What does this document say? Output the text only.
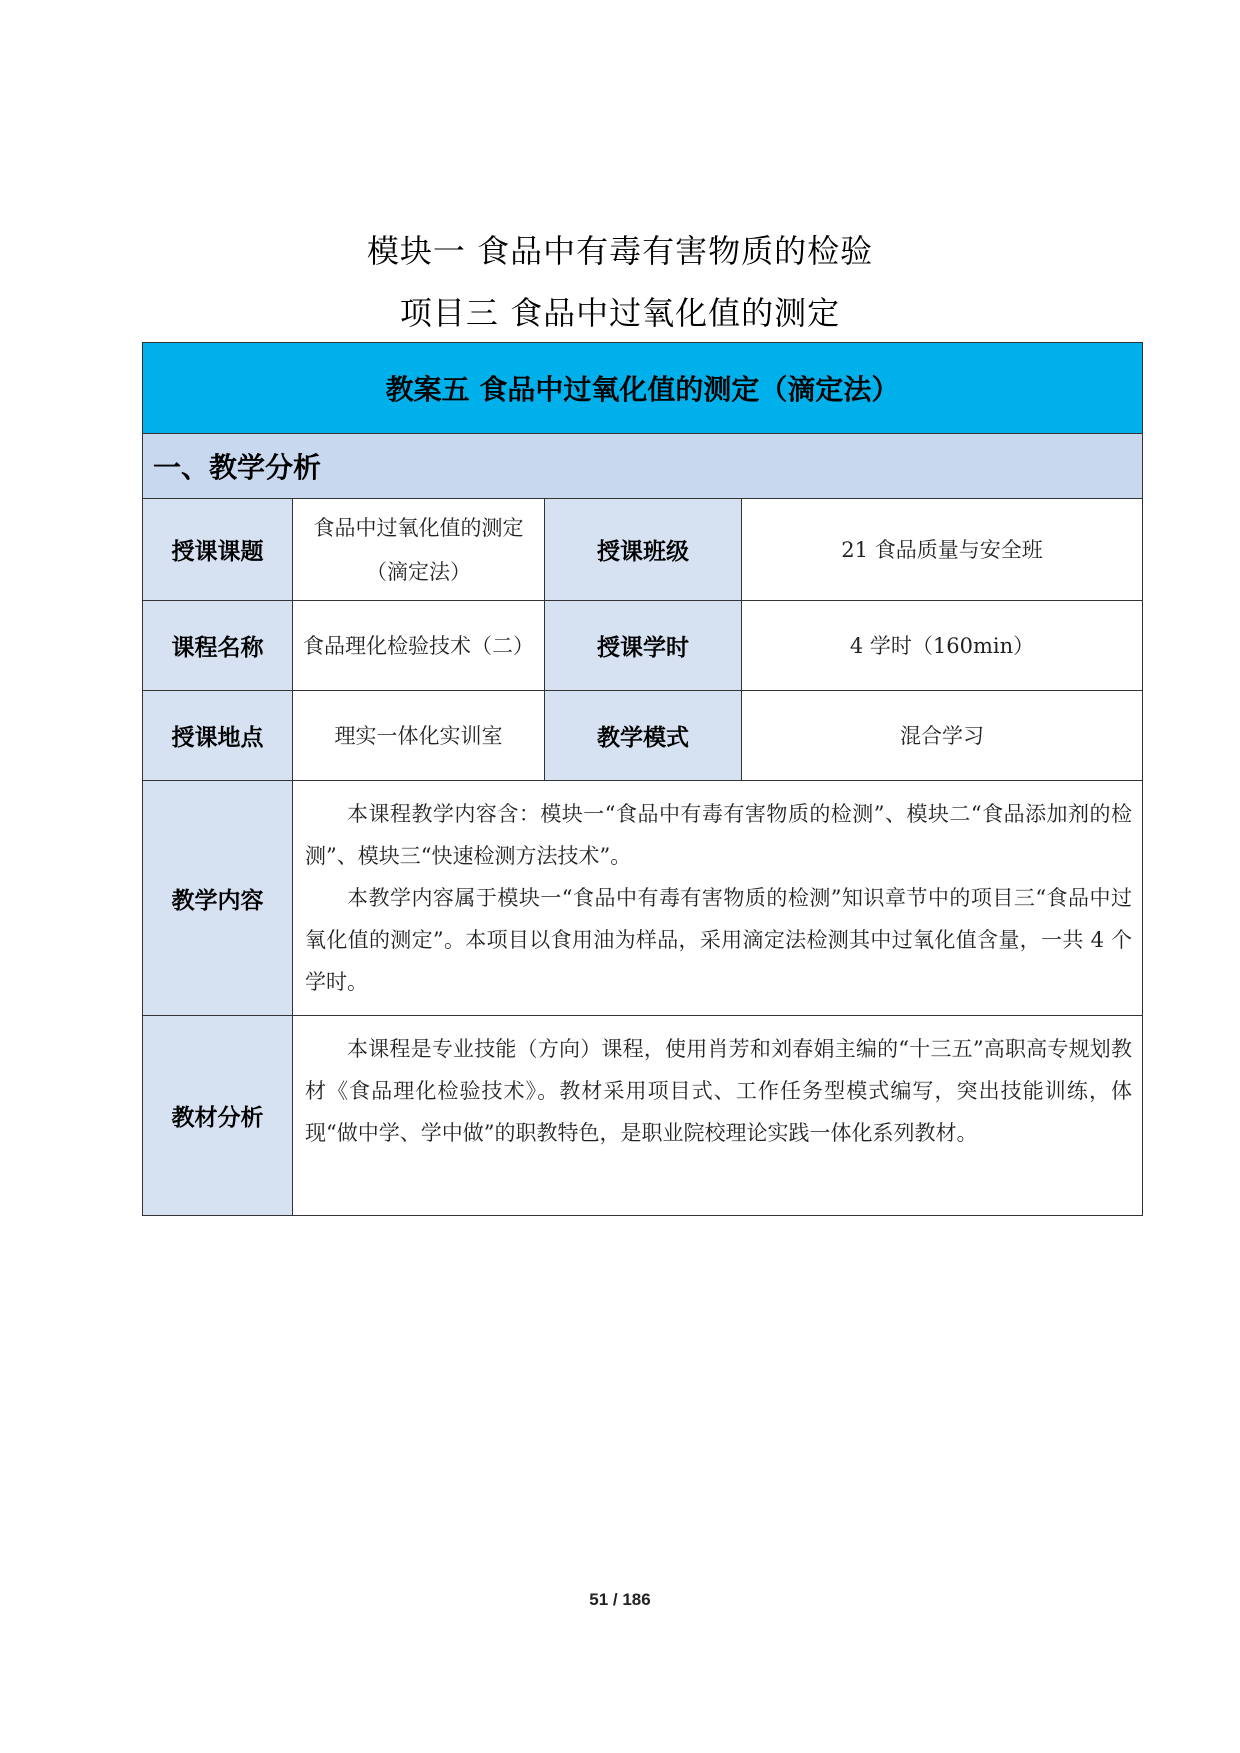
模块一 食品中有毒有害物质的检验
项目三 食品中过氧化值的测定
教案五 食品中过氧化值的测定（滴定法）			
一、教学分析			
授课课题	食品中过氧化值的测定（滴定法）	授课班级	21 食品质量与安全班
课程名称	食品理化检验技术（二）	授课学时	4 学时（160min）
授课地点	理实一体化实训室	教学模式	混合学习
教学内容	本课程教学内容含：模块一“食品中有毒有害物质的检测”、模块二“食品添加剂的检测”、模块三“快速检测方法技术”。

本教学内容属于模块一“食品中有毒有害物质的检测”知识章节中的项目三“食品中过氧化值的测定”。本项目以食用油为样品，采用滴定法检测其中过氧化值含量，一共 4 个学时。		

教材分析	本课程是专业技能（方向）课程，使用肖芳和刘春娟主编的“十三五”高职高专规划教材《食品理化检验技术》。教材采用项目式、工作任务型模式编写，突出技能训练，体现“做中学、学中做”的职教特色，是职业院校理论实践一体化系列教材。		

51 / 186
